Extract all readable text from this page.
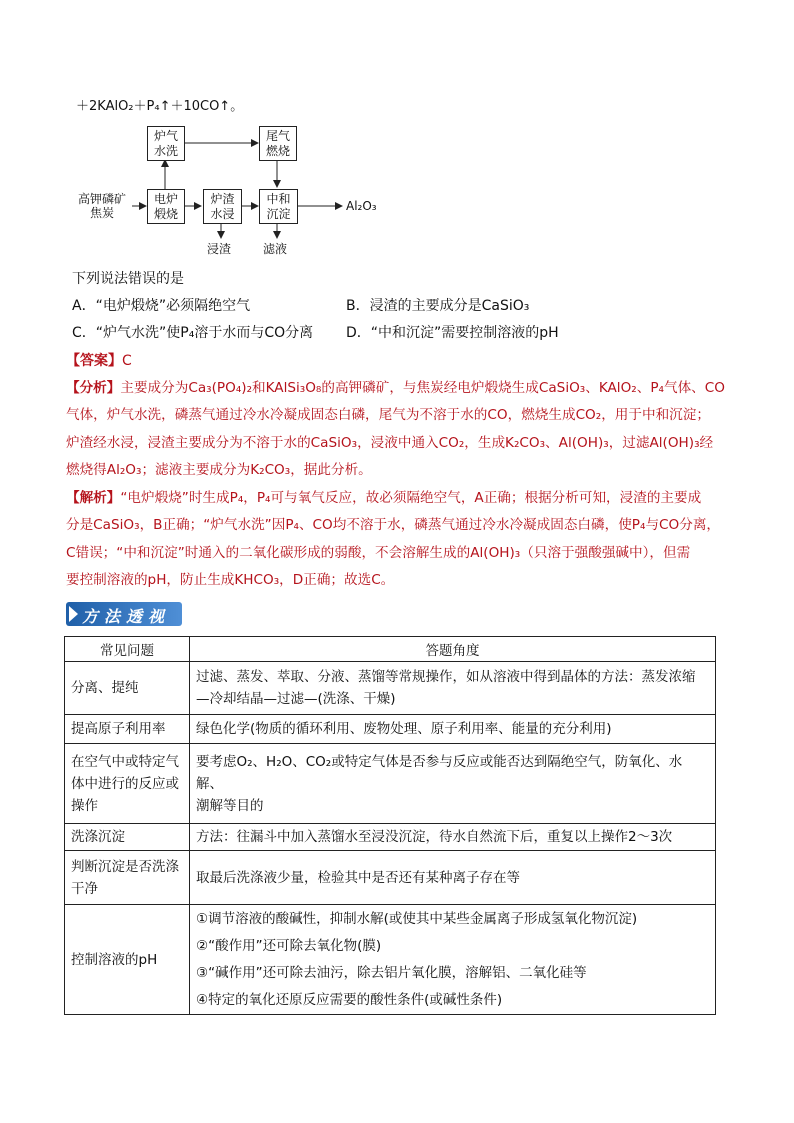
＋2KAlO₂＋P₄↑＋10CO↑。
高钾磷矿
焦炭
炉气
水洗
尾气
燃烧
电炉
煅烧
炉渣
水浸
中和
沉淀
Al₂O₃
浸渣	滤液
下列说法错误的是
A．“电炉煅烧”必须隔绝空气	B．浸渣的主要成分是CaSiO₃
C．“炉气水洗”使P₄溶于水而与CO分离 D．“中和沉淀”需要控制溶液的pH
【答案】C
【分析】主要成分为Ca₃(PO₄)₂和KAlSi₃O₈的高钾磷矿，与焦炭经电炉煅烧生成CaSiO₃、KAlO₂、P₄气体、CO
气体，炉气水洗，磷蒸气通过冷水冷凝成固态白磷，尾气为不溶于水的CO，燃烧生成CO₂，用于中和沉淀；
炉渣经水浸，浸渣主要成分为不溶于水的CaSiO₃，浸液中通入CO₂，生成K₂CO₃、Al(OH)₃，过滤Al(OH)₃经
燃烧得Al₂O₃；滤液主要成分为K₂CO₃，据此分析。
【解析】“电炉煅烧”时生成P₄，P₄可与氧气反应，故必须隔绝空气，A正确；根据分析可知，浸渣的主要成
分是CaSiO₃，B正确；“炉气水洗”因P₄、CO均不溶于水，磷蒸气通过冷水冷凝成固态白磷，使P₄与CO分离，
C错误；“中和沉淀”时通入的二氧化碳形成的弱酸，不会溶解生成的Al(OH)₃（只溶于强酸强碱中），但需
要控制溶液的pH，防止生成KHCO₃，D正确；故选C。
方法透视
常见问题	答题角度
分离、提纯	过滤、蒸发、萃取、分液、蒸馏等常规操作，如从溶液中得到晶体的方法：蒸发浓缩
—冷却结晶—过滤—(洗涤、干燥)

提高原子利用率	绿色化学(物质的循环利用、废物处理、原子利用率、能量的充分利用)

在空气中或特定气体中进行的反应或操作	要考虑O₂、H₂O、CO₂或特定气体是否参与反应或能否达到隔绝空气，防氧化、水解、
潮解等目的

洗涤沉淀	方法：往漏斗中加入蒸馏水至浸没沉淀，待水自然流下后，重复以上操作2～3次

判断沉淀是否洗涤干净	取最后洗涤液少量，检验其中是否还有某种离子存在等

控制溶液的pH	①调节溶液的酸碱性，抑制水解(或使其中某些金属离子形成氢氧化物沉淀)
②“酸作用”还可除去氧化物(膜)
③“碱作用”还可除去油污，除去铝片氧化膜，溶解铝、二氧化硅等
④特定的氧化还原反应需要的酸性条件(或碱性条件)
